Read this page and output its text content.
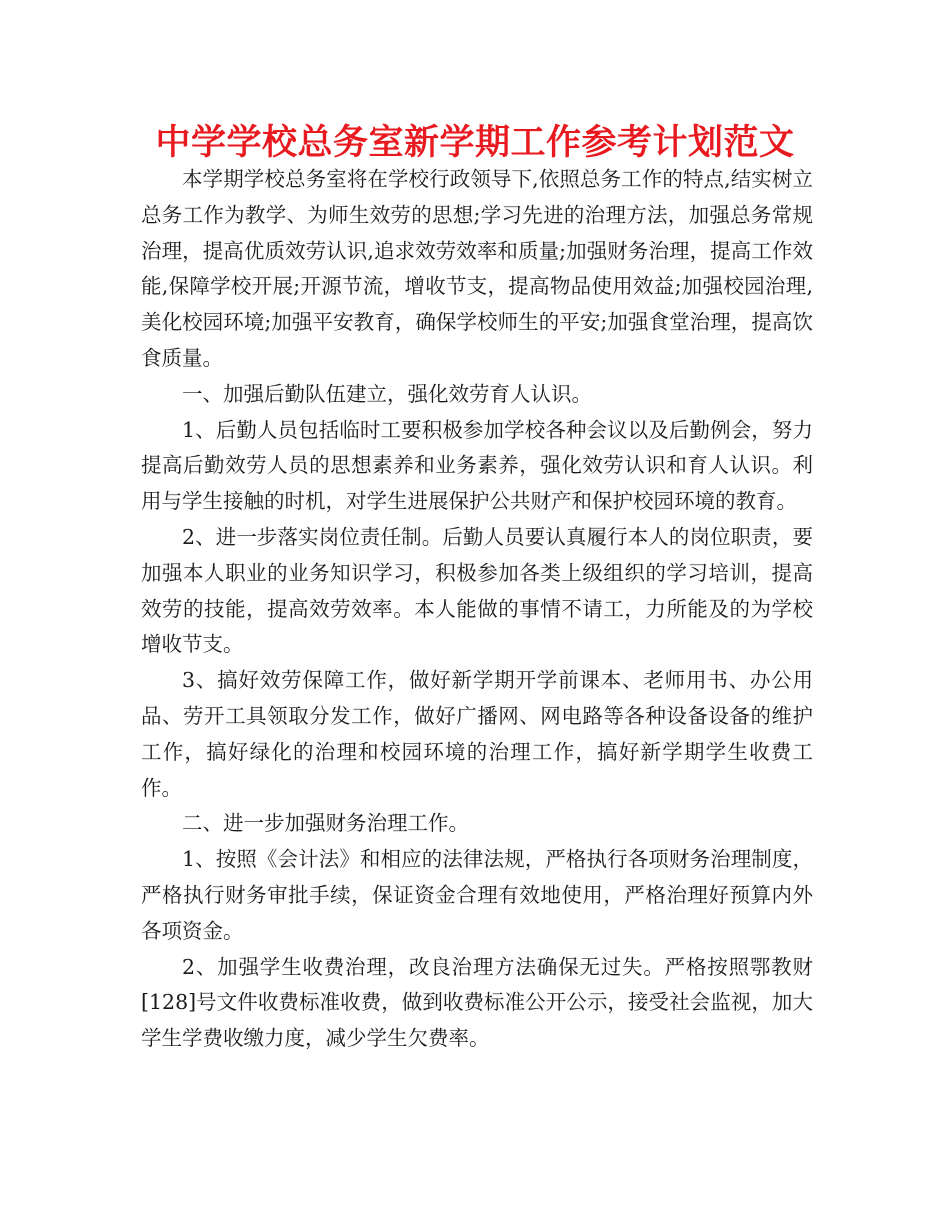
中学学校总务室新学期工作参考计划范文

本学期学校总务室将在学校行政领导下,依照总务工作的特点,结实树立总务工作为教学、为师生效劳的思想;学习先进的治理方法，加强总务常规治理，提高优质效劳认识,追求效劳效率和质量;加强财务治理，提高工作效能,保障学校开展;开源节流，增收节支，提高物品使用效益;加强校园治理,美化校园环境;加强平安教育，确保学校师生的平安;加强食堂治理，提高饮食质量。

一、加强后勤队伍建立，强化效劳育人认识。

1、后勤人员包括临时工要积极参加学校各种会议以及后勤例会，努力提高后勤效劳人员的思想素养和业务素养，强化效劳认识和育人认识。利用与学生接触的时机，对学生进展保护公共财产和保护校园环境的教育。

2、进一步落实岗位责任制。后勤人员要认真履行本人的岗位职责，要加强本人职业的业务知识学习，积极参加各类上级组织的学习培训，提高效劳的技能，提高效劳效率。本人能做的事情不请工，力所能及的为学校增收节支。

3、搞好效劳保障工作，做好新学期开学前课本、老师用书、办公用品、劳开工具领取分发工作，做好广播网、网电路等各种设备设备的维护工作，搞好绿化的治理和校园环境的治理工作，搞好新学期学生收费工作。

二、进一步加强财务治理工作。

1、按照《会计法》和相应的法律法规，严格执行各项财务治理制度，严格执行财务审批手续，保证资金合理有效地使用，严格治理好预算内外各项资金。

2、加强学生收费治理，改良治理方法确保无过失。严格按照鄂教财[128]号文件收费标准收费，做到收费标准公开公示，接受社会监视，加大学生学费收缴力度，减少学生欠费率。
